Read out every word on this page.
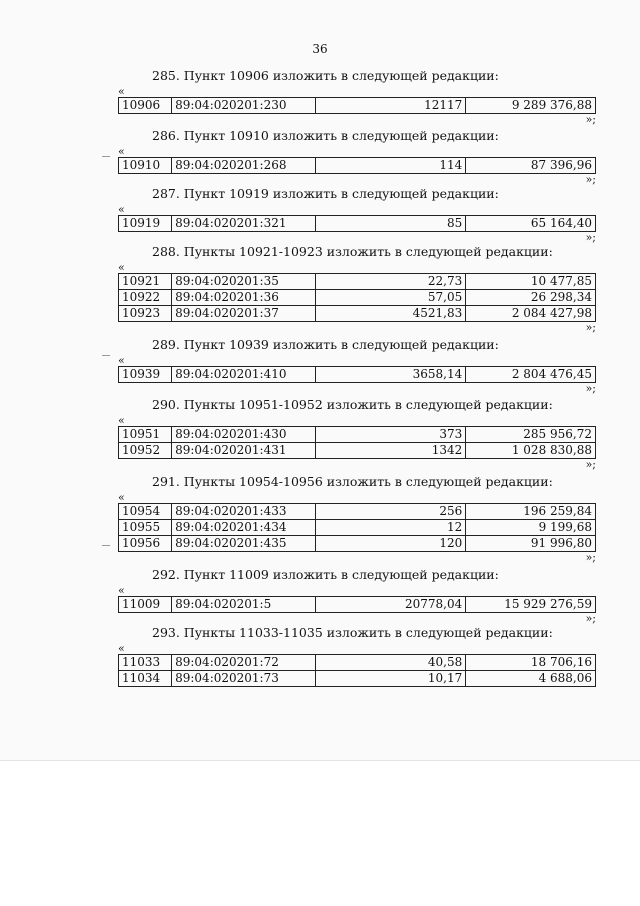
36
285. Пункт 10906 изложить в следующей редакции:
«
10906	89:04:020201:230	12117	9 289 376,88
»;
286. Пункт 10910 изложить в следующей редакции:
«
10910	89:04:020201:268	114	87 396,96
»;
287. Пункт 10919 изложить в следующей редакции:
«
10919	89:04:020201:321	85	65 164,40
»;
288. Пункты 10921-10923 изложить в следующей редакции:
«
10921	89:04:020201:35	22,73	10 477,85
10922	89:04:020201:36	57,05	26 298,34
10923	89:04:020201:37	4521,83	2 084 427,98
»;
289. Пункт 10939 изложить в следующей редакции:
«
10939	89:04:020201:410	3658,14	2 804 476,45
»;
290. Пункты 10951-10952 изложить в следующей редакции:
«
10951	89:04:020201:430	373	285 956,72
10952	89:04:020201:431	1342	1 028 830,88
»;
291. Пункты 10954-10956 изложить в следующей редакции:
«
10954	89:04:020201:433	256	196 259,84
10955	89:04:020201:434	12	9 199,68
10956	89:04:020201:435	120	91 996,80
»;
292. Пункт 11009 изложить в следующей редакции:
«
11009	89:04:020201:5	20778,04	15 929 276,59
»;
293. Пункты 11033-11035 изложить в следующей редакции:
«
11033	89:04:020201:72	40,58	18 706,16
11034	89:04:020201:73	10,17	4 688,06
